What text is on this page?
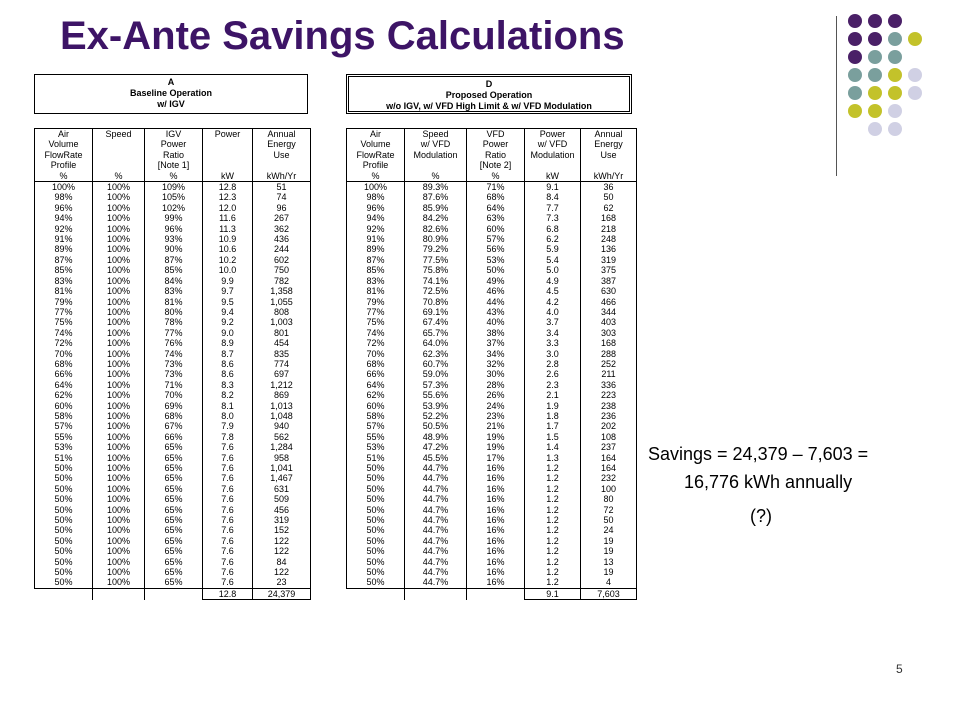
Ex-Ante Savings Calculations
A
Baseline Operation
w/ IGV
D
Proposed Operation
w/o IGV, w/ VFD High Limit & w/ VFD Modulation
Air	Speed	IGV	Power	Annual
Volume		Power		Energy
FlowRate		Ratio		Use
Profile		[Note 1]		
%	%	%	kW	kWh/Yr
100%	100%	109%	12.8	51
98%	100%	105%	12.3	74
96%	100%	102%	12.0	96
94%	100%	99%	11.6	267
92%	100%	96%	11.3	362
91%	100%	93%	10.9	436
89%	100%	90%	10.6	244
87%	100%	87%	10.2	602
85%	100%	85%	10.0	750
83%	100%	84%	9.9	782
81%	100%	83%	9.7	1,358
79%	100%	81%	9.5	1,055
77%	100%	80%	9.4	808
75%	100%	78%	9.2	1,003
74%	100%	77%	9.0	801
72%	100%	76%	8.9	454
70%	100%	74%	8.7	835
68%	100%	73%	8.6	774
66%	100%	73%	8.6	697
64%	100%	71%	8.3	1,212
62%	100%	70%	8.2	869
60%	100%	69%	8.1	1,013
58%	100%	68%	8.0	1,048
57%	100%	67%	7.9	940
55%	100%	66%	7.8	562
53%	100%	65%	7.6	1,284
51%	100%	65%	7.6	958
50%	100%	65%	7.6	1,041
50%	100%	65%	7.6	1,467
50%	100%	65%	7.6	631
50%	100%	65%	7.6	509
50%	100%	65%	7.6	456
50%	100%	65%	7.6	319
50%	100%	65%	7.6	152
50%	100%	65%	7.6	122
50%	100%	65%	7.6	122
50%	100%	65%	7.6	84
50%	100%	65%	7.6	122
50%	100%	65%	7.6	23
			12.8	24,379
Air	Speed	VFD	Power	Annual
Volume	w/ VFD	Power	w/ VFD	Energy
FlowRate	Modulation	Ratio	Modulation	Use
Profile		[Note 2]		
%	%	%	kW	kWh/Yr
100%	89.3%	71%	9.1	36
98%	87.6%	68%	8.4	50
96%	85.9%	64%	7.7	62
94%	84.2%	63%	7.3	168
92%	82.6%	60%	6.8	218
91%	80.9%	57%	6.2	248
89%	79.2%	56%	5.9	136
87%	77.5%	53%	5.4	319
85%	75.8%	50%	5.0	375
83%	74.1%	49%	4.9	387
81%	72.5%	46%	4.5	630
79%	70.8%	44%	4.2	466
77%	69.1%	43%	4.0	344
75%	67.4%	40%	3.7	403
74%	65.7%	38%	3.4	303
72%	64.0%	37%	3.3	168
70%	62.3%	34%	3.0	288
68%	60.7%	32%	2.8	252
66%	59.0%	30%	2.6	211
64%	57.3%	28%	2.3	336
62%	55.6%	26%	2.1	223
60%	53.9%	24%	1.9	238
58%	52.2%	23%	1.8	236
57%	50.5%	21%	1.7	202
55%	48.9%	19%	1.5	108
53%	47.2%	19%	1.4	237
51%	45.5%	17%	1.3	164
50%	44.7%	16%	1.2	164
50%	44.7%	16%	1.2	232
50%	44.7%	16%	1.2	100
50%	44.7%	16%	1.2	80
50%	44.7%	16%	1.2	72
50%	44.7%	16%	1.2	50
50%	44.7%	16%	1.2	24
50%	44.7%	16%	1.2	19
50%	44.7%	16%	1.2	19
50%	44.7%	16%	1.2	13
50%	44.7%	16%	1.2	19
50%	44.7%	16%	1.2	4
			9.1	7,603
Savings = 24,379 – 7,603 =
16,776 kWh annually
(?)
5
